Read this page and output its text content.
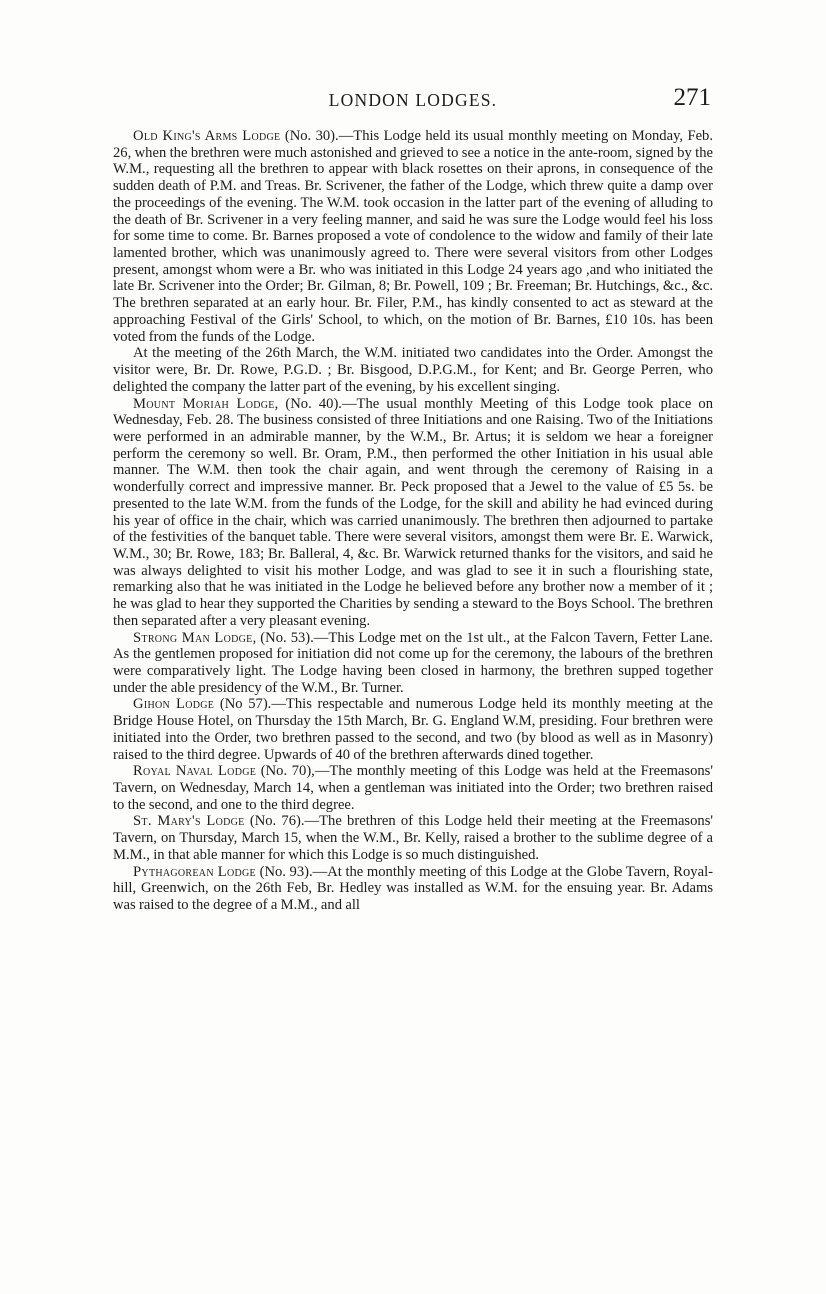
LONDON LODGES.	271

Old King's Arms Lodge (No. 30).—This Lodge held its usual monthly meeting on Monday, Feb. 26, when the brethren were much astonished and grieved to see a notice in the ante-room, signed by the W.M., requesting all the brethren to appear with black rosettes on their aprons, in consequence of the sudden death of P.M. and Treas. Br. Scrivener, the father of the Lodge, which threw quite a damp over the proceedings of the evening. The W.M. took occasion in the latter part of the evening of alluding to the death of Br. Scrivener in a very feeling manner, and said he was sure the Lodge would feel his loss for some time to come. Br. Barnes proposed a vote of condolence to the widow and family of their late lamented brother, which was unanimously agreed to. There were several visitors from other Lodges present, amongst whom were a Br. who was initiated in this Lodge 24 years ago ,and who initiated the late Br. Scrivener into the Order; Br. Gilman, 8; Br. Powell, 109 ; Br. Freeman; Br. Hutchings, &c., &c. The brethren separated at an early hour. Br. Filer, P.M., has kindly consented to act as steward at the approaching Festival of the Girls' School, to which, on the motion of Br. Barnes, £10 10s. has been voted from the funds of the Lodge.

At the meeting of the 26th March, the W.M. initiated two candidates into the Order. Amongst the visitor were, Br. Dr. Rowe, P.G.D. ; Br. Bisgood, D.P.G.M., for Kent; and Br. George Perren, who delighted the company the latter part of the evening, by his excellent singing.

Mount Moriah Lodge, (No. 40).—The usual monthly Meeting of this Lodge took place on Wednesday, Feb. 28. The business consisted of three Initiations and one Raising. Two of the Initiations were performed in an admirable manner, by the W.M., Br. Artus; it is seldom we hear a foreigner perform the ceremony so well. Br. Oram, P.M., then performed the other Initiation in his usual able manner. The W.M. then took the chair again, and went through the ceremony of Raising in a wonderfully correct and impressive manner. Br. Peck proposed that a Jewel to the value of £5 5s. be presented to the late W.M. from the funds of the Lodge, for the skill and ability he had evinced during his year of office in the chair, which was carried unanimously. The brethren then adjourned to partake of the festivities of the banquet table. There were several visitors, amongst them were Br. E. Warwick, W.M., 30; Br. Rowe, 183; Br. Balleral, 4, &c. Br. Warwick returned thanks for the visitors, and said he was always delighted to visit his mother Lodge, and was glad to see it in such a flourishing state, remarking also that he was initiated in the Lodge he believed before any brother now a member of it ; he was glad to hear they supported the Charities by sending a steward to the Boys School. The brethren then separated after a very pleasant evening.

Strong Man Lodge, (No. 53).—This Lodge met on the 1st ult., at the Falcon Tavern, Fetter Lane. As the gentlemen proposed for initiation did not come up for the ceremony, the labours of the brethren were comparatively light. The Lodge having been closed in harmony, the brethren supped together under the able presidency of the W.M., Br. Turner.

Gihon Lodge (No 57).—This respectable and numerous Lodge held its monthly meeting at the Bridge House Hotel, on Thursday the 15th March, Br. G. England W.M, presiding. Four brethren were initiated into the Order, two brethren passed to the second, and two (by blood as well as in Masonry) raised to the third degree. Upwards of 40 of the brethren afterwards dined together.

Royal Naval Lodge (No. 70),—The monthly meeting of this Lodge was held at the Freemasons' Tavern, on Wednesday, March 14, when a gentleman was initiated into the Order; two brethren raised to the second, and one to the third degree.

St. Mary's Lodge (No. 76).—The brethren of this Lodge held their meeting at the Freemasons' Tavern, on Thursday, March 15, when the W.M., Br. Kelly, raised a brother to the sublime degree of a M.M., in that able manner for which this Lodge is so much distinguished.

Pythagorean Lodge (No. 93).—At the monthly meeting of this Lodge at the Globe Tavern, Royal-hill, Greenwich, on the 26th Feb, Br. Hedley was installed as W.M. for the ensuing year. Br. Adams was raised to the degree of a M.M., and all
